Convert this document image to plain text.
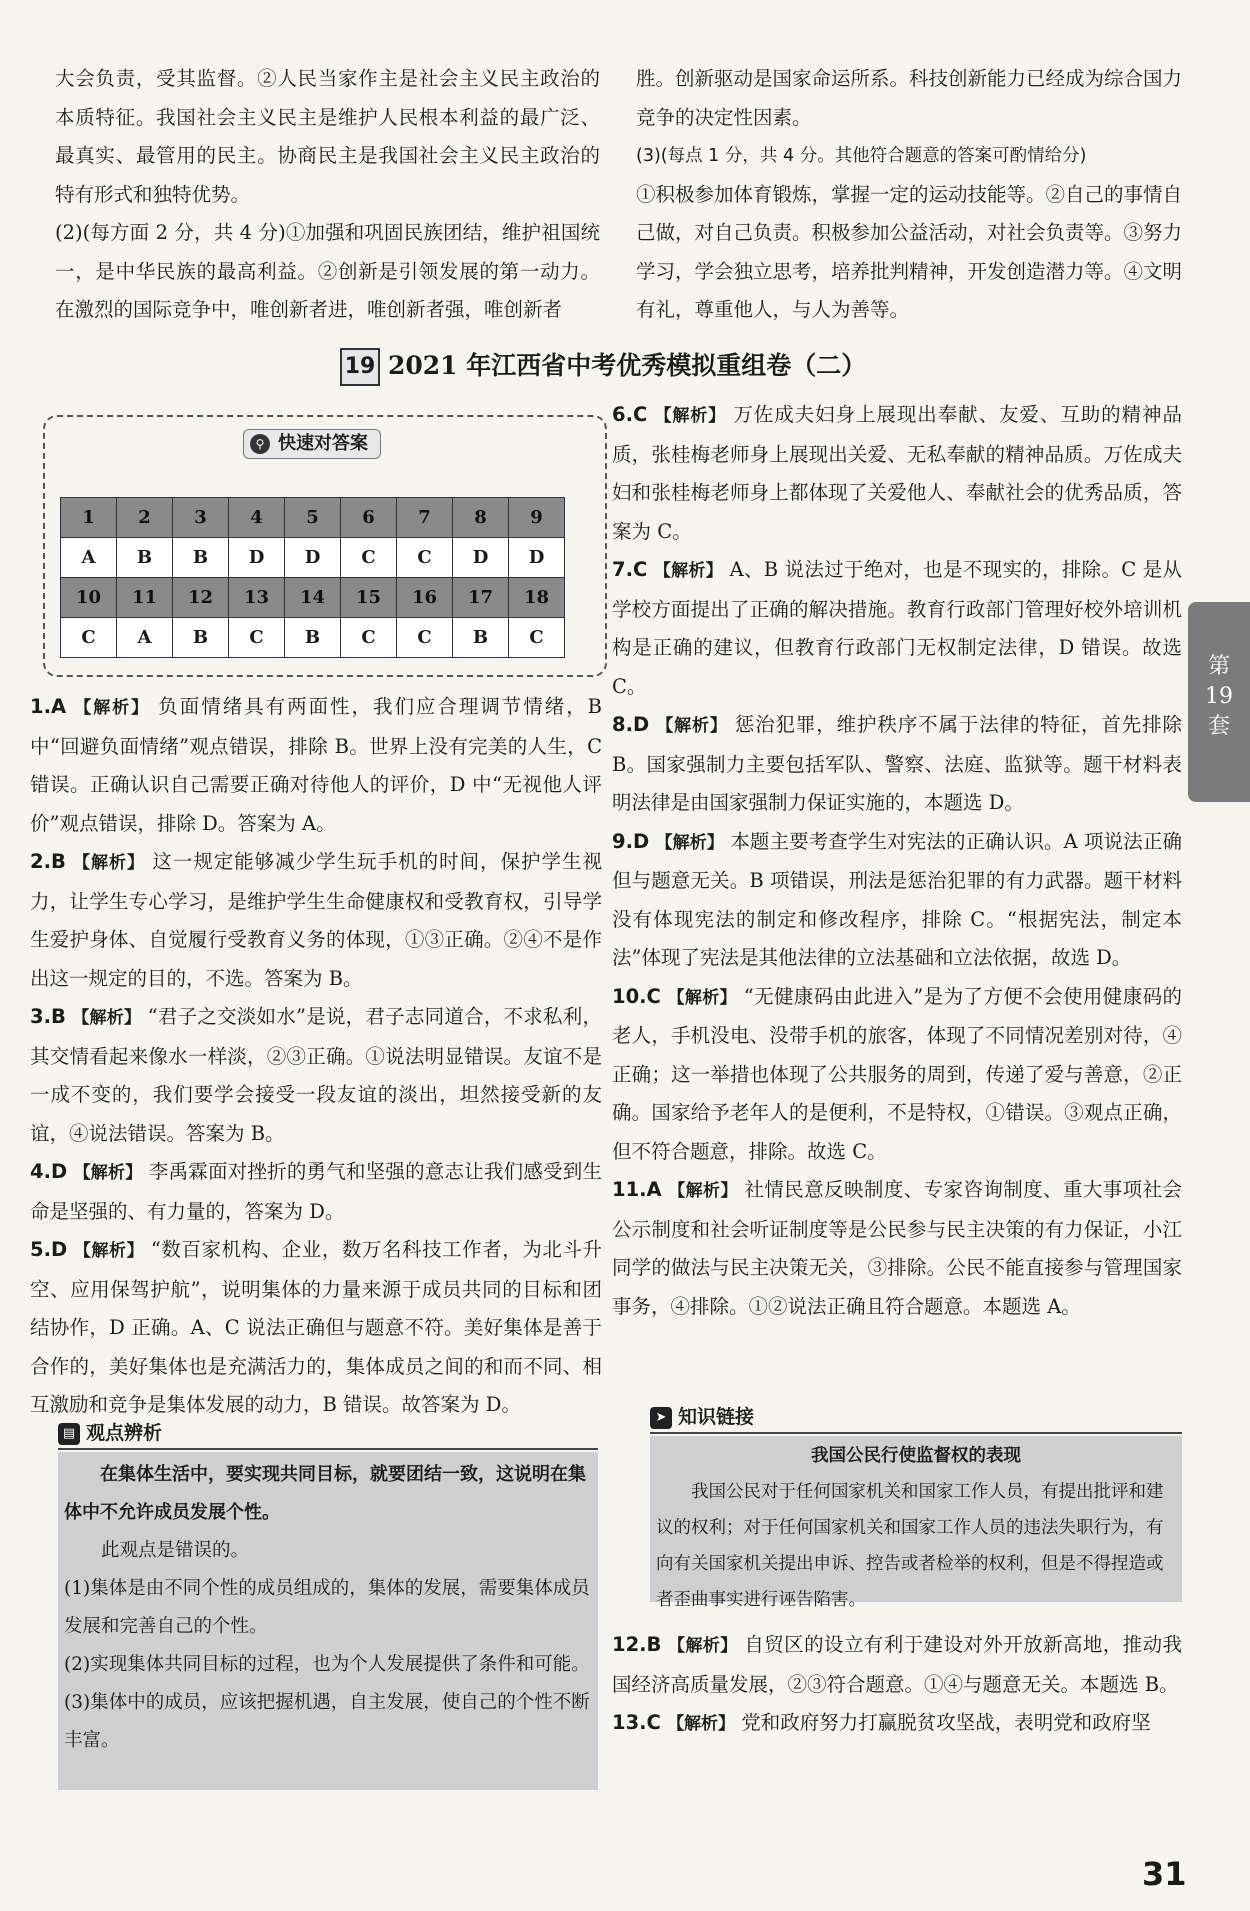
大会负责，受其监督。②人民当家作主是社会主义民主政治的本质特征。我国社会主义民主是维护人民根本利益的最广泛、最真实、最管用的民主。协商民主是我国社会主义民主政治的特有形式和独特优势。

(2)(每方面 2 分，共 4 分)①加强和巩固民族团结，维护祖国统一，是中华民族的最高利益。②创新是引领发展的第一动力。在激烈的国际竞争中，唯创新者进，唯创新者强，唯创新者

胜。创新驱动是国家命运所系。科技创新能力已经成为综合国力竞争的决定性因素。

(3)(每点 1 分，共 4 分。其他符合题意的答案可酌情给分)

①积极参加体育锻炼，掌握一定的运动技能等。②自己的事情自己做，对自己负责。积极参加公益活动，对社会负责等。③努力学习，学会独立思考，培养批判精神，开发创造潜力等。④文明有礼，尊重他人，与人为善等。

19 2021 年江西省中考优秀模拟重组卷（二）
⚲ 快速对答案
1	2	3	4	5	6	7	8	9
A	B	B	D	D	C	C	D	D
10	11	12	13	14	15	16	17	18
C	A	B	C	B	C	C	B	C

1.A 【解析】 负面情绪具有两面性，我们应合理调节情绪，B 中“回避负面情绪”观点错误，排除 B。世界上没有完美的人生，C 错误。正确认识自己需要正确对待他人的评价，D 中“无视他人评价”观点错误，排除 D。答案为 A。

2.B 【解析】 这一规定能够减少学生玩手机的时间，保护学生视力，让学生专心学习，是维护学生生命健康权和受教育权，引导学生爱护身体、自觉履行受教育义务的体现，①③正确。②④不是作出这一规定的目的，不选。答案为 B。

3.B 【解析】 “君子之交淡如水”是说，君子志同道合，不求私利，其交情看起来像水一样淡，②③正确。①说法明显错误。友谊不是一成不变的，我们要学会接受一段友谊的淡出，坦然接受新的友谊，④说法错误。答案为 B。

4.D 【解析】 李禹霖面对挫折的勇气和坚强的意志让我们感受到生命是坚强的、有力量的，答案为 D。

5.D 【解析】 “数百家机构、企业，数万名科技工作者，为北斗升空、应用保驾护航”，说明集体的力量来源于成员共同的目标和团结协作，D 正确。A、C 说法正确但与题意不符。美好集体是善于合作的，美好集体也是充满活力的，集体成员之间的和而不同、相互激励和竞争是集体发展的动力，B 错误。故答案为 D。

▤ 观点辨析

在集体生活中，要实现共同目标，就要团结一致，这说明在集体中不允许成员发展个性。

此观点是错误的。

(1)集体是由不同个性的成员组成的，集体的发展，需要集体成员发展和完善自己的个性。

(2)实现集体共同目标的过程，也为个人发展提供了条件和可能。

(3)集体中的成员，应该把握机遇，自主发展，使自己的个性不断丰富。

6.C 【解析】 万佐成夫妇身上展现出奉献、友爱、互助的精神品质，张桂梅老师身上展现出关爱、无私奉献的精神品质。万佐成夫妇和张桂梅老师身上都体现了关爱他人、奉献社会的优秀品质，答案为 C。

7.C 【解析】 A、B 说法过于绝对，也是不现实的，排除。C 是从学校方面提出了正确的解决措施。教育行政部门管理好校外培训机构是正确的建议，但教育行政部门无权制定法律，D 错误。故选 C。

8.D 【解析】 惩治犯罪，维护秩序不属于法律的特征，首先排除 B。国家强制力主要包括军队、警察、法庭、监狱等。题干材料表明法律是由国家强制力保证实施的，本题选 D。

9.D 【解析】 本题主要考查学生对宪法的正确认识。A 项说法正确但与题意无关。B 项错误，刑法是惩治犯罪的有力武器。题干材料没有体现宪法的制定和修改程序，排除 C。“根据宪法，制定本法”体现了宪法是其他法律的立法基础和立法依据，故选 D。

10.C 【解析】 “无健康码由此进入”是为了方便不会使用健康码的老人，手机没电、没带手机的旅客，体现了不同情况差别对待，④正确；这一举措也体现了公共服务的周到，传递了爱与善意，②正确。国家给予老年人的是便利，不是特权，①错误。③观点正确，但不符合题意，排除。故选 C。

11.A 【解析】 社情民意反映制度、专家咨询制度、重大事项社会公示制度和社会听证制度等是公民参与民主决策的有力保证，小江同学的做法与民主决策无关，③排除。公民不能直接参与管理国家事务，④排除。①②说法正确且符合题意。本题选 A。

➤ 知识链接

我国公民行使监督权的表现

我国公民对于任何国家机关和国家工作人员，有提出批评和建议的权利；对于任何国家机关和国家工作人员的违法失职行为，有向有关国家机关提出申诉、控告或者检举的权利，但是不得捏造或者歪曲事实进行诬告陷害。

12.B 【解析】 自贸区的设立有利于建设对外开放新高地，推动我国经济高质量发展，②③符合题意。①④与题意无关。本题选 B。

13.C 【解析】 党和政府努力打赢脱贫攻坚战，表明党和政府坚

第
19
套
31
